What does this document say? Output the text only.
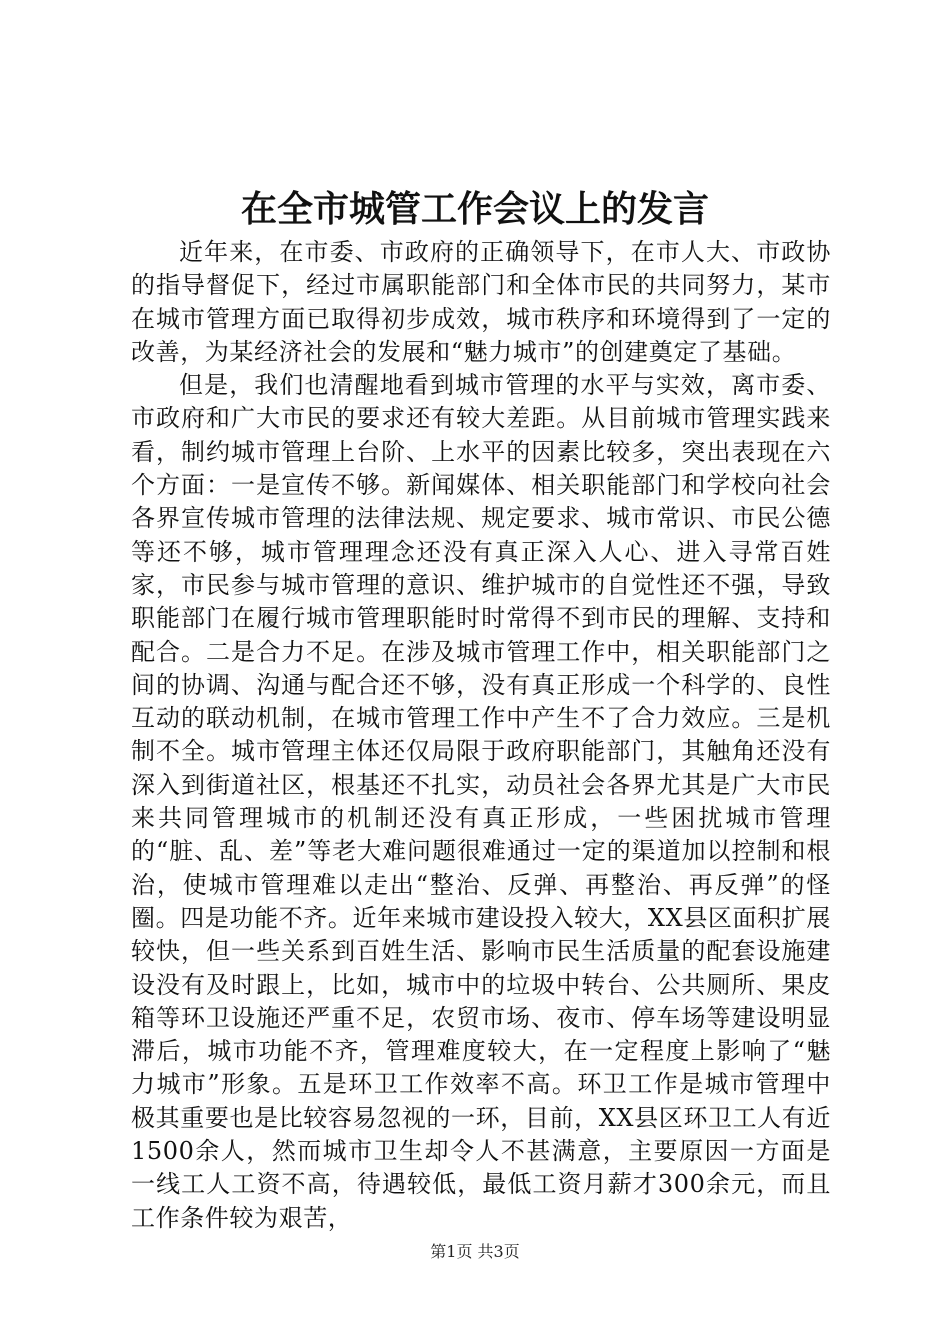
在全市城管工作会议上的发言

近年来，在市委、市政府的正确领导下，在市人大、市政协的指导督促下，经过市属职能部门和全体市民的共同努力，某市在城市管理方面已取得初步成效，城市秩序和环境得到了一定的改善，为某经济社会的发展和“魅力城市”的创建奠定了基础。

但是，我们也清醒地看到城市管理的水平与实效，离市委、市政府和广大市民的要求还有较大差距。从目前城市管理实践来看，制约城市管理上台阶、上水平的因素比较多，突出表现在六个方面：一是宣传不够。新闻媒体、相关职能部门和学校向社会各界宣传城市管理的法律法规、规定要求、城市常识、市民公德等还不够，城市管理理念还没有真正深入人心、进入寻常百姓家，市民参与城市管理的意识、维护城市的自觉性还不强，导致职能部门在履行城市管理职能时时常得不到市民的理解、支持和配合。二是合力不足。在涉及城市管理工作中，相关职能部门之间的协调、沟通与配合还不够，没有真正形成一个科学的、良性互动的联动机制，在城市管理工作中产生不了合力效应。三是机制不全。城市管理主体还仅局限于政府职能部门，其触角还没有深入到街道社区，根基还不扎实，动员社会各界尤其是广大市民来共同管理城市的机制还没有真正形成，一些困扰城市管理的“脏、乱、差”等老大难问题很难通过一定的渠道加以控制和根治，使城市管理难以走出“整治、反弹、再整治、再反弹”的怪圈。四是功能不齐。近年来城市建设投入较大，XX县区面积扩展较快，但一些关系到百姓生活、影响市民生活质量的配套设施建设没有及时跟上，比如，城市中的垃圾中转台、公共厕所、果皮箱等环卫设施还严重不足，农贸市场、夜市、停车场等建设明显滞后，城市功能不齐，管理难度较大，在一定程度上影响了“魅力城市”形象。五是环卫工作效率不高。环卫工作是城市管理中极其重要也是比较容易忽视的一环，目前，XX县区环卫工人有近1500余人，然而城市卫生却令人不甚满意，主要原因一方面是一线工人工资不高，待遇较低，最低工资月薪才300余元，而且工作条件较为艰苦，

第1页 共3页
